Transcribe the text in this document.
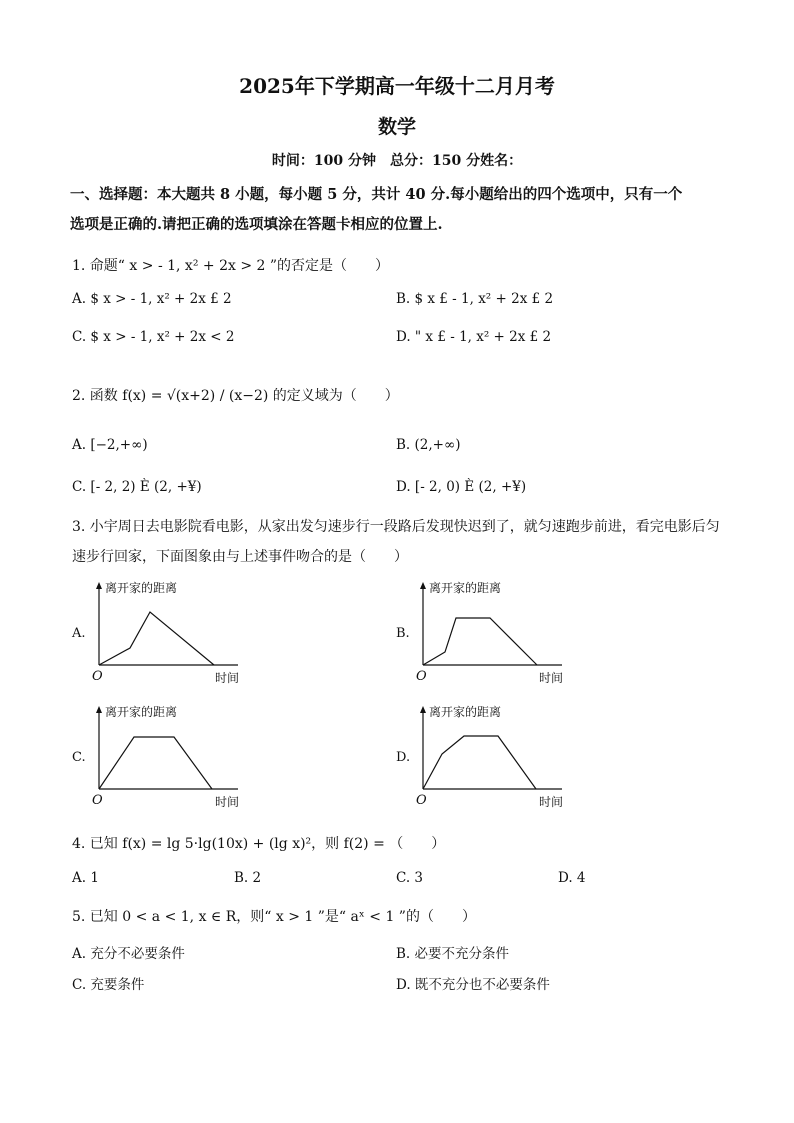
2025年下学期高一年级十二月月考
数学
时间：100 分钟　总分：150 分姓名：
一、选择题：本大题共 8 小题，每小题 5 分，共计 40 分.每小题给出的四个选项中，只有一个
选项是正确的.请把正确的选项填涂在答题卡相应的位置上.
1. 命题“ x > - 1, x² + 2x > 2 ”的否定是（　　）
A. $ x > - 1, x² + 2x £ 2	B. $ x £ - 1, x² + 2x £ 2
C. $ x > - 1, x² + 2x < 2	D. " x £ - 1, x² + 2x £ 2
2. 函数 f(x) = √(x+2) / (x−2) 的定义域为（　　）
A. [−2,+∞)	B. (2,+∞)
C. [- 2, 2) È (2, +¥)	D. [- 2, 0) È (2, +¥)
3. 小宇周日去电影院看电影，从家出发匀速步行一段路后发现快迟到了，就匀速跑步前进，看完电影后匀
速步行回家，下面图象由与上述事件吻合的是（　　）
A.
离开家的距离
O	时间
B.
离开家的距离
O	时间
C.
离开家的距离
O	时间
D.
离开家的距离
O	时间
4. 已知 f(x) = lg 5·lg(10x) + (lg x)²，则 f(2) = （　　）
A. 1	B. 2	C. 3	D. 4
5. 已知 0 < a < 1, x ∈ R，则“ x > 1 ”是“ aˣ < 1 ”的（　　）
A. 充分不必要条件	B. 必要不充分条件
C. 充要条件	D. 既不充分也不必要条件
